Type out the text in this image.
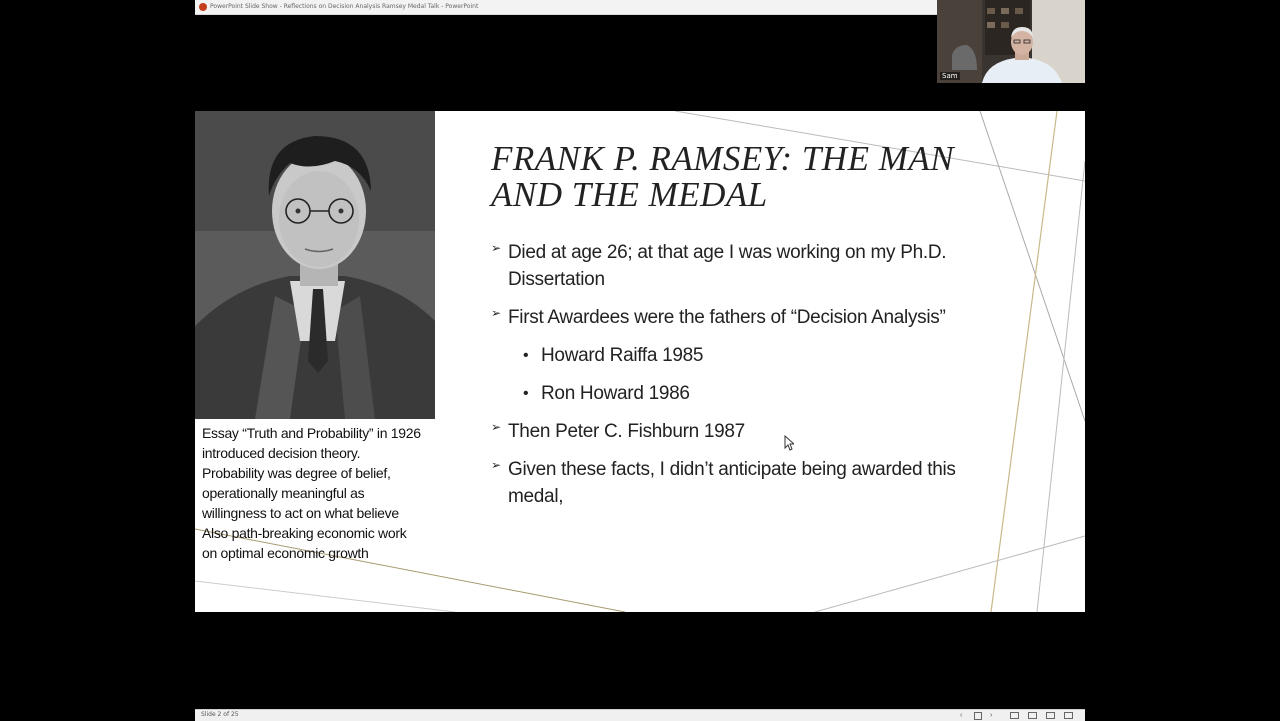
PowerPoint Slide Show - Reflections on Decision Analysis Ramsey Medal Talk - PowerPoint
Essay “Truth and Probability” in 1926
introduced decision theory.
Probability was degree of belief,
operationally meaningful as
willingness to act on what believe
Also path-breaking economic work
on optimal economic growth
FRANK P. RAMSEY: THE MAN
AND THE MEDAL
➢ Died at age 26; at that age I was working on my Ph.D.
Dissertation
➢ First Awardees were the fathers of “Decision Analysis”
• Howard Raiffa 1985
• Ron Howard 1986
➢ Then Peter C. Fishburn 1987
➢ Given these facts, I didn’t anticipate being awarded this
medal,
Slide 2 of 25	‹	›
Sam
